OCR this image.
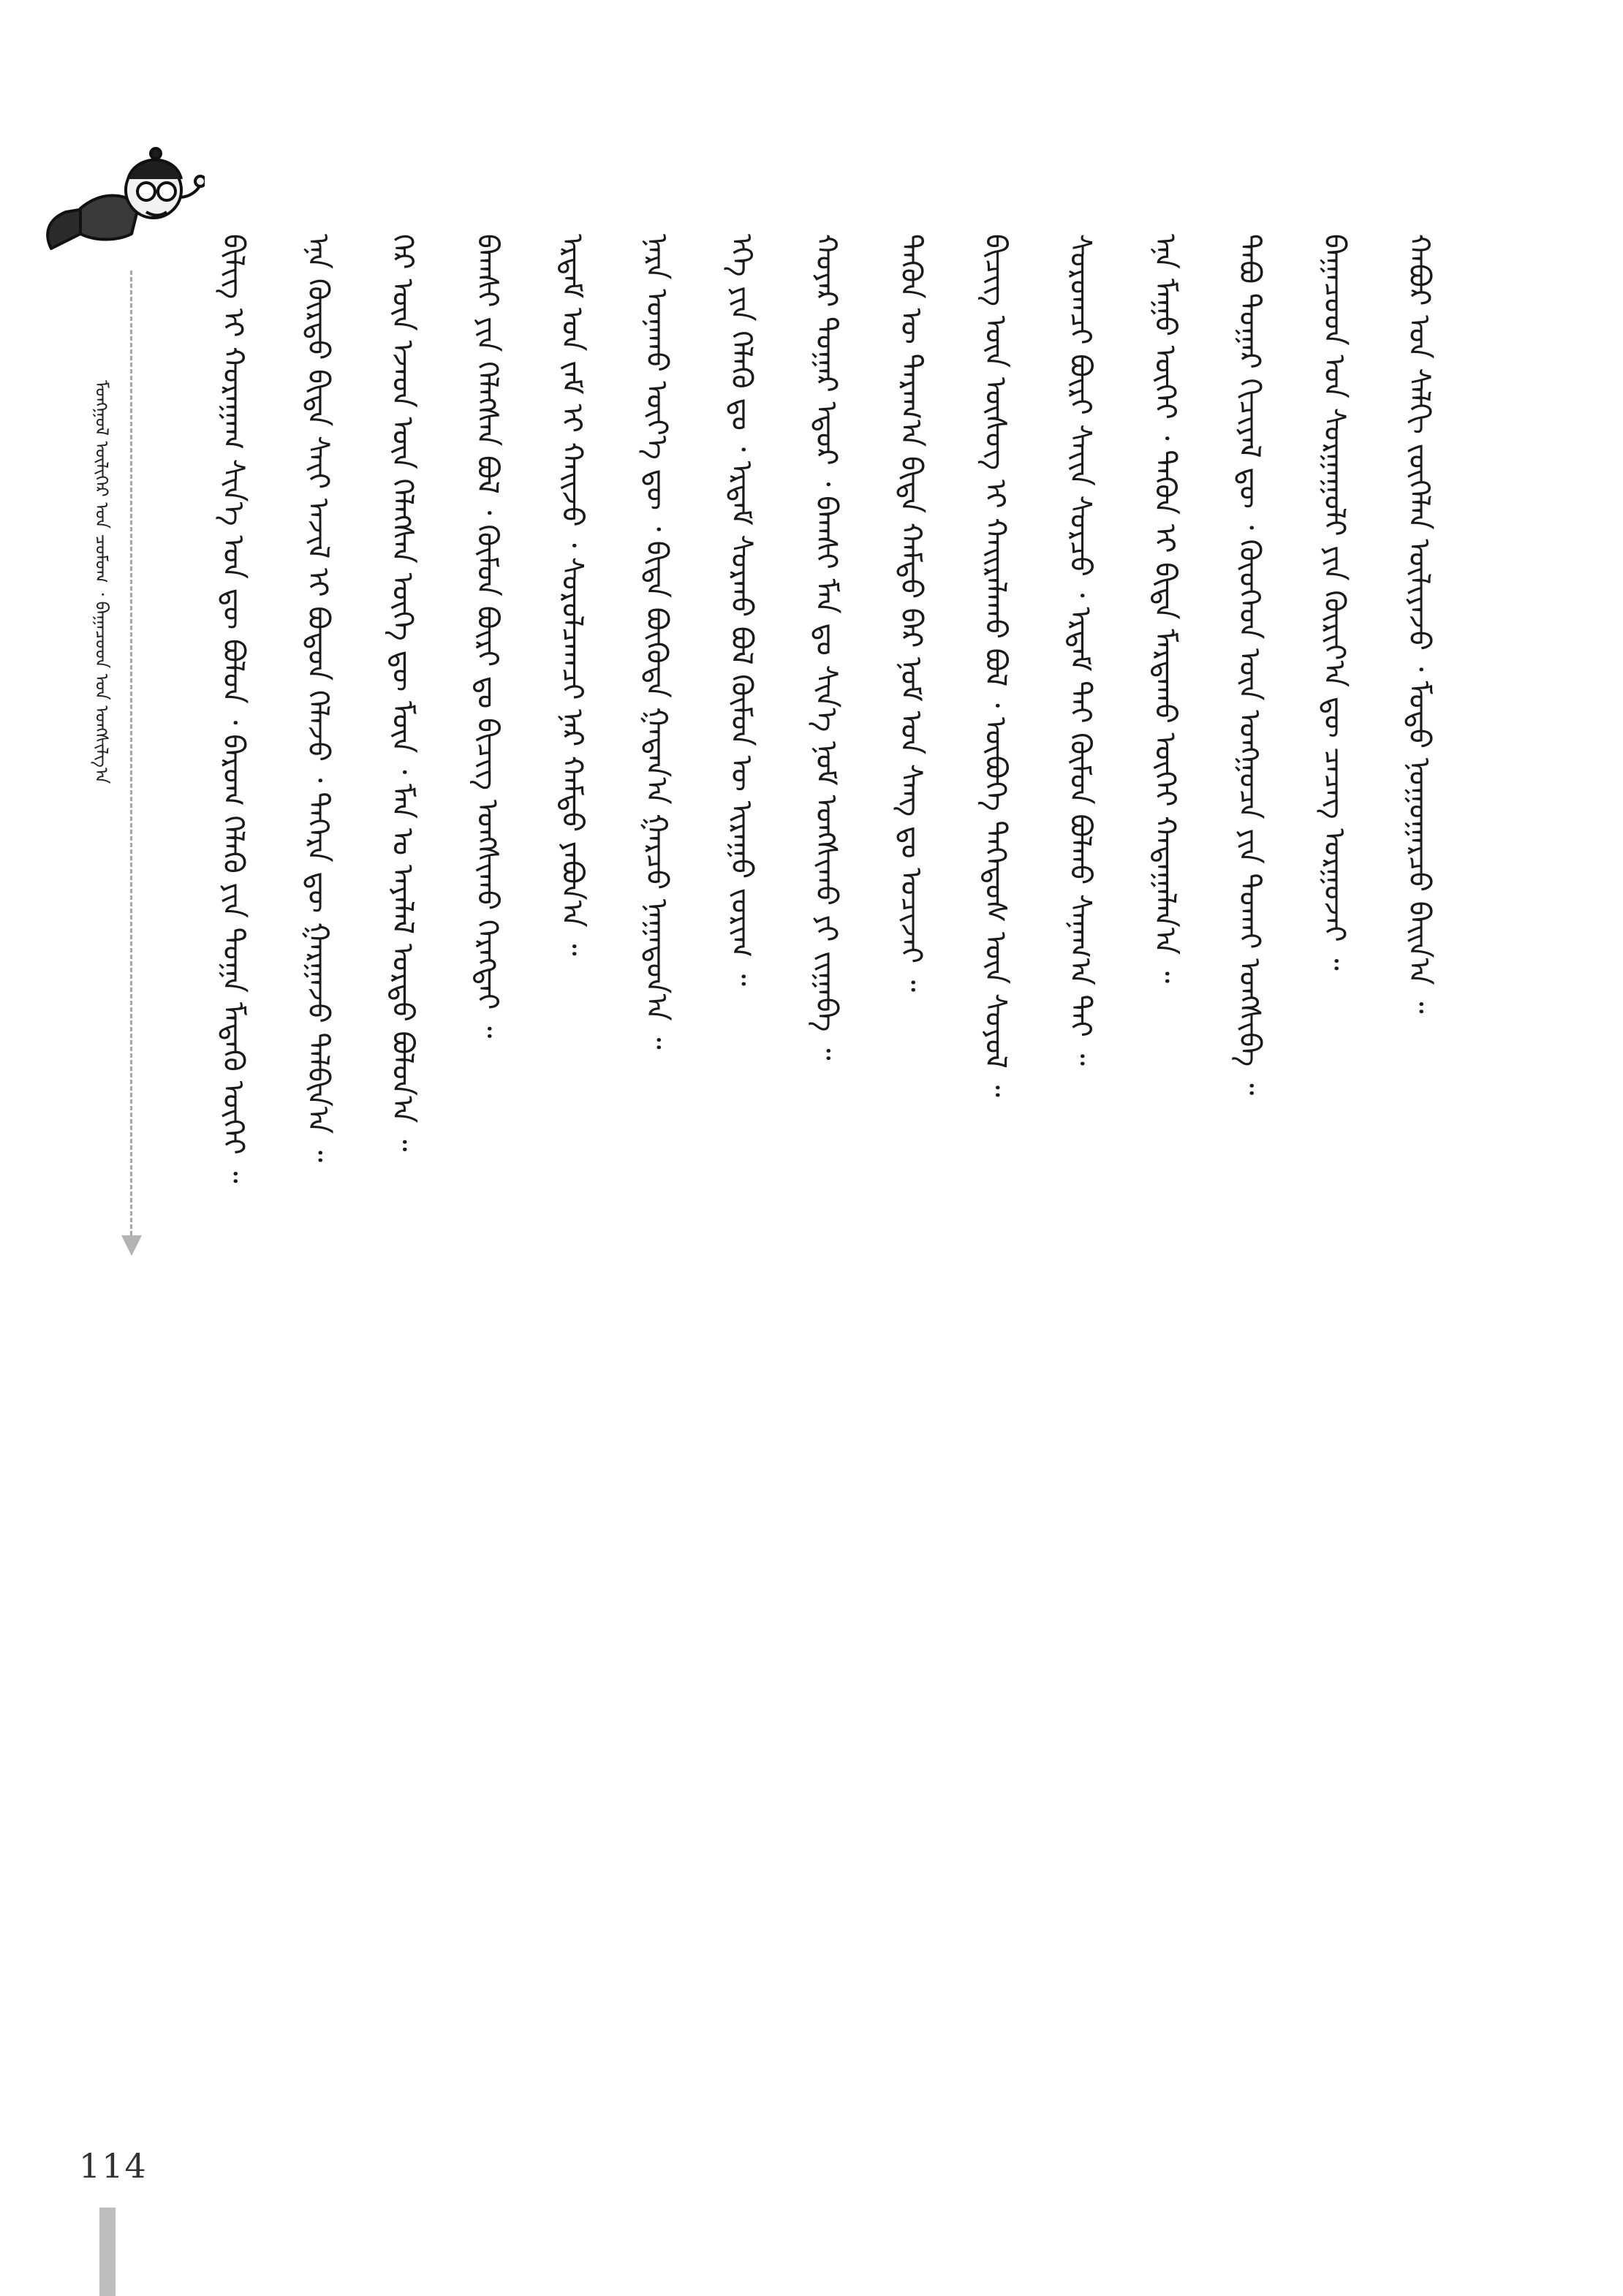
ᠮᠣᠩᠭᠣᠯ ᠦᠯᠢᠭᠡᠷ ᠤᠨ ᠴᠣᠮᠣᠭ ᠂ ᠪᠠᠭᠠᠴᠤᠳ ᠤᠨ ᠤᠩᠰᠢᠯᠭ᠎ᠠ	ᠪᠢᠯᠢᠭ ᠢ ᠬᠤᠷᠠᠭᠠᠭ ᠰᠢᠨ᠎ᠡ ᠣᠨ ᠳᠦ ᠪᠣᠯᠤᠨ ᠂ ᠪᠠᠷᠤᠭ ᠬᠡᠯᠡᠬᠦ ᠶᠢᠨ ᠲᠣᠭᠠ ᠮᠡᠳᠡᠬᠦ ᠦᠭᠡᠢ ᠃ ᠡᠨᠡ ᠬᠦᠷᠳᠦ ᠪᠢᠳᠡ ᠰᠠᠶ᠋ᠢ ᠠᠵᠢᠯ ᠢ ᠪᠣᠳᠣᠨ ᠬᠡᠯᠡᠵᠦ ᠂ ᠳᠡᠭᠡᠷᠡ ᠳᠦ ᠭᠠᠷᠭᠠᠵᠤ ᠲᠠᠯᠪᠢᠨ᠎ᠠ ᠃ ᠭᠡᠷ ᠦᠨ ᠡᠵᠡᠳ ᠦᠨ ᠬᠡᠯᠡᠭᠰᠡᠨ ᠦᠭᠡ ᠳᠦ ᠮᠦᠨ ᠂ ᠮᠠᠨ ᠤ ᠠᠶᠠᠯᠠᠯ ᠤᠷᠳᠤ ᠪᠣᠯᠤᠨ᠎ᠠ ᠃ ᠪᠠᠭᠰᠢ ᠶᠢᠨ ᠬᠡᠯᠡᠭᠰᠡᠨ ᠪᠣᠯ ᠂ ᠬᠦᠮᠦᠨ ᠪᠦᠷᠢ ᠳᠤ ᠪᠢᠴᠢᠭ ᠤᠩᠰᠢᠬᠤ ᠬᠡᠷᠡᠭᠲᠡᠢ ᠃ ᠡᠷᠳᠡᠮ ᠤᠨ ᠵᠠᠮ ᠢ ᠬᠠᠢᠵᠤ ᠂ ᠰᠤᠷᠤᠯᠴᠠᠭᠴᠢ ᠨᠠᠷ ᠬᠠᠮᠲᠤ ᠶᠠᠪᠤᠨ᠎ᠠ ᠃ ᠨᠠᠷᠠ ᠤᠨᠠᠬᠤ ᠦᠶ᠎ᠡ ᠳᠦ ᠂ ᠪᠢᠳᠡ ᠪᠦᠭᠦᠳᠡ ᠭᠠᠳᠠᠨ᠎ᠠ ᠭᠠᠷᠴᠤ ᠨᠠᠭᠠᠳᠤᠨ᠎ᠠ ᠃ ᠡᠬᠡ ᠶᠢᠨ ᠬᠡᠯᠡᠬᠦ ᠳᠤ ᠂ ᠡᠷᠳᠡᠮ ᠰᠤᠷᠬᠤ ᠪᠣᠯ ᠬᠦᠮᠦᠨ ᠦ ᠢᠷᠠᠭᠤ ᠵᠣᠷᠢᠭ ᠃ ᠬᠣᠶᠠᠷ ᠳᠤᠭᠠᠷ ᠡᠳᠦᠷ ᠂ ᠪᠠᠭᠰᠢ ᠮᠠᠨ ᠳᠤ ᠰᠢᠨ᠎ᠡ ᠨᠣᠮ ᠤᠩᠰᠢᠬᠤ ᠶᠢ ᠵᠢᠭᠠᠪᠠ ᠃ ᠲᠡᠭᠦᠨ ᠦ ᠳᠠᠷᠠᠭ᠎ᠠ ᠪᠢᠳᠡ ᠬᠠᠮᠲᠤ ᠪᠠᠷ ᠨᠣᠮ ᠤᠨ ᠰᠠᠩ ᠳᠤ ᠣᠴᠢᠵᠠᠢ ᠃ ᠪᠢᠴᠢᠭ ᠦᠨ ᠦᠰᠦᠭ ᠢ ᠬᠠᠢᠷᠠᠯᠠᠬᠤ ᠪᠣᠯ ᠂ ᠥᠪᠥᠭᠡ ᠳᠡᠭᠡᠳᠦᠰ ᠦᠨ ᠰᠣᠶᠣᠯ ᠃ ᠰᠤᠷᠤᠭᠴᠢ ᠪᠦᠷᠢ ᠰᠠᠶ᠋ᠢᠨ ᠰᠤᠷᠴᠤ ᠂ ᠡᠷᠳᠡᠮ ᠲᠡᠢ ᠬᠦᠮᠦᠨ ᠪᠣᠯᠬᠤ ᠰᠠᠨᠠᠭ᠎ᠠ ᠲᠠᠢ ᠃ ᠡᠨᠡ ᠮᠠᠭᠤ ᠦᠭᠡᠢ ᠂ ᠲᠡᠭᠦᠨ ᠢ ᠪᠢᠳᠡ ᠮᠠᠷᠲᠠᠬᠤ ᠦᠭᠡᠢ ᠬᠠᠳᠠᠭᠠᠯᠠᠨ᠎ᠠ ᠃ ᠲᠠᠪᠤ ᠳᠤᠭᠠᠷ ᠬᠢᠴᠢᠶᠡᠯ ᠳᠦ ᠂ ᠬᠦᠦᠬᠡᠳ ᠦᠨ ᠣᠩᠭᠣᠴᠠ ᠶᠢᠨ ᠲᠤᠬᠠᠢ ᠤᠩᠰᠢᠪᠠ ᠃ ᠪᠠᠭᠠᠴᠤᠳ ᠤᠨ ᠰᠤᠷᠭᠠᠭᠤᠯᠢ ᠶᠢᠨ ᠬᠦᠷᠢᠶ᠎ᠡᠨ ᠳᠦ ᠴᠡᠴᠡᠭ ᠤᠷᠭᠤᠵᠠᠢ ᠃ ᠬᠠᠪᠤᠷ ᠤᠨ ᠰᠠᠯᠬᠢ ᠵᠦᠭᠡᠯᠡᠨ ᠦᠯᠢᠶᠡᠵᠦ ᠂ ᠮᠣᠳᠣ ᠨᠣᠭᠣᠭᠠᠷᠴᠤ ᠪᠠᠢᠨ᠎ᠠ ᠃
114
